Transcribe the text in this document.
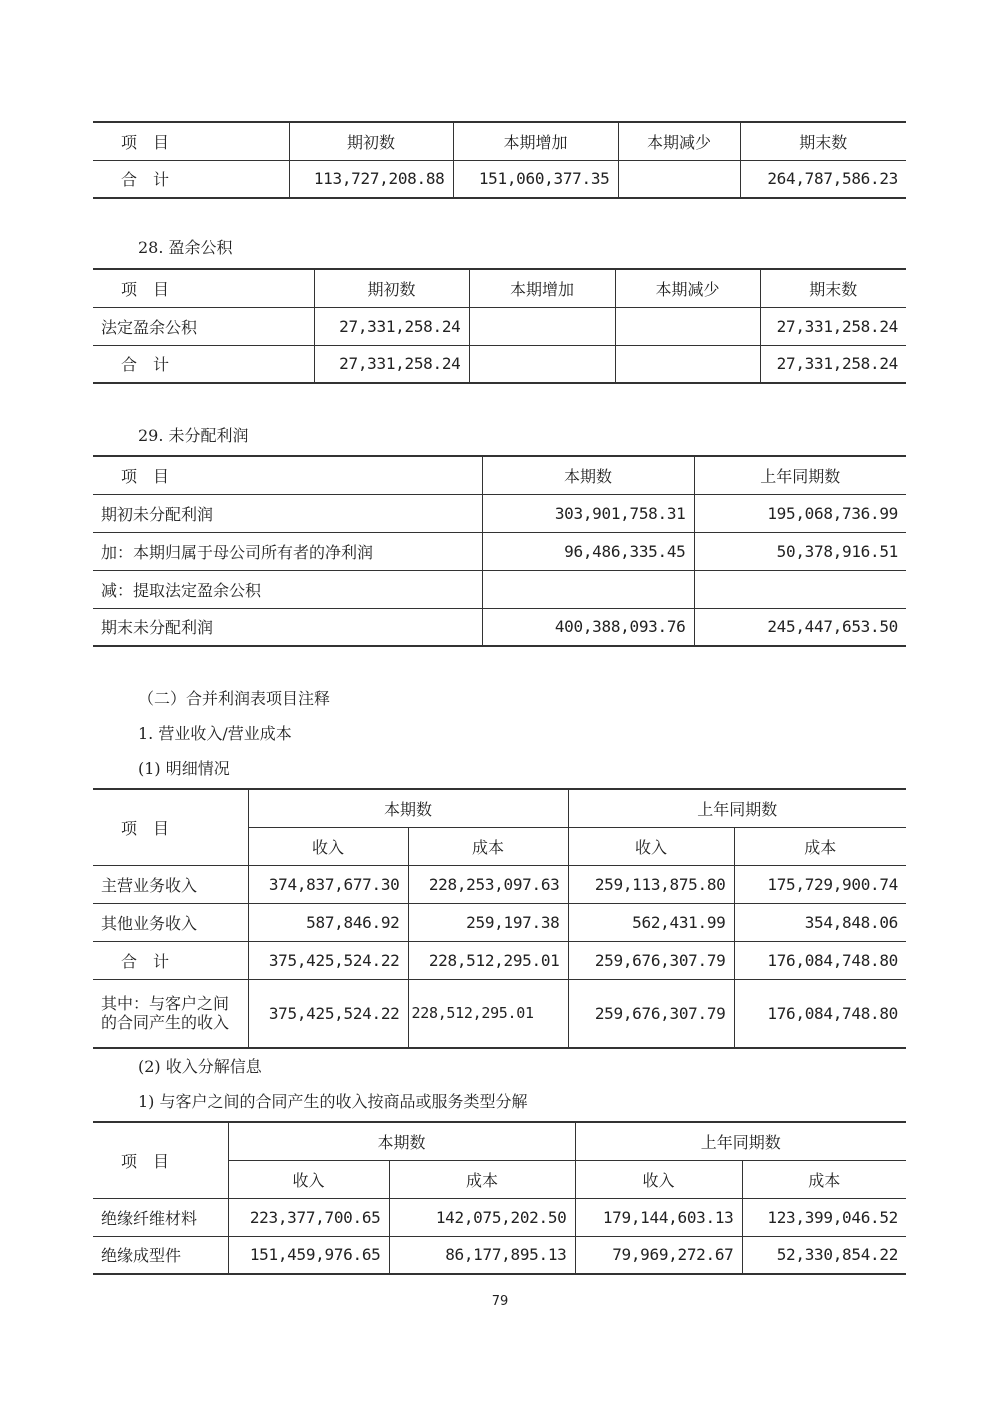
项　目	期初数	本期增加	本期减少	期末数
合　计	113,727,208.88	151,060,377.35		264,787,586.23
28. 盈余公积
项　目	期初数	本期增加	本期减少	期末数
法定盈余公积	27,331,258.24			27,331,258.24
合　计	27,331,258.24			27,331,258.24
29. 未分配利润
项　目	本期数	上年同期数
期初未分配利润	303,901,758.31	195,068,736.99
加：本期归属于母公司所有者的净利润	96,486,335.45	50,378,916.51
减：提取法定盈余公积		
期末未分配利润	400,388,093.76	245,447,653.50
（二）合并利润表项目注释
1. 营业收入/营业成本
(1) 明细情况
项　目	本期数		上年同期数	
	收入	成本	收入	成本
主营业务收入	374,837,677.30	228,253,097.63	259,113,875.80	175,729,900.74
其他业务收入	587,846.92	259,197.38	562,431.99	354,848.06
合　计	375,425,524.22	228,512,295.01	259,676,307.79	176,084,748.80
其中：与客户之间的合同产生的收入	375,425,524.22	228,512,295.01	259,676,307.79	176,084,748.80
(2) 收入分解信息
1) 与客户之间的合同产生的收入按商品或服务类型分解
项　目	本期数		上年同期数	
	收入	成本	收入	成本
绝缘纤维材料	223,377,700.65	142,075,202.50	179,144,603.13	123,399,046.52
绝缘成型件	151,459,976.65	86,177,895.13	79,969,272.67	52,330,854.22
79
